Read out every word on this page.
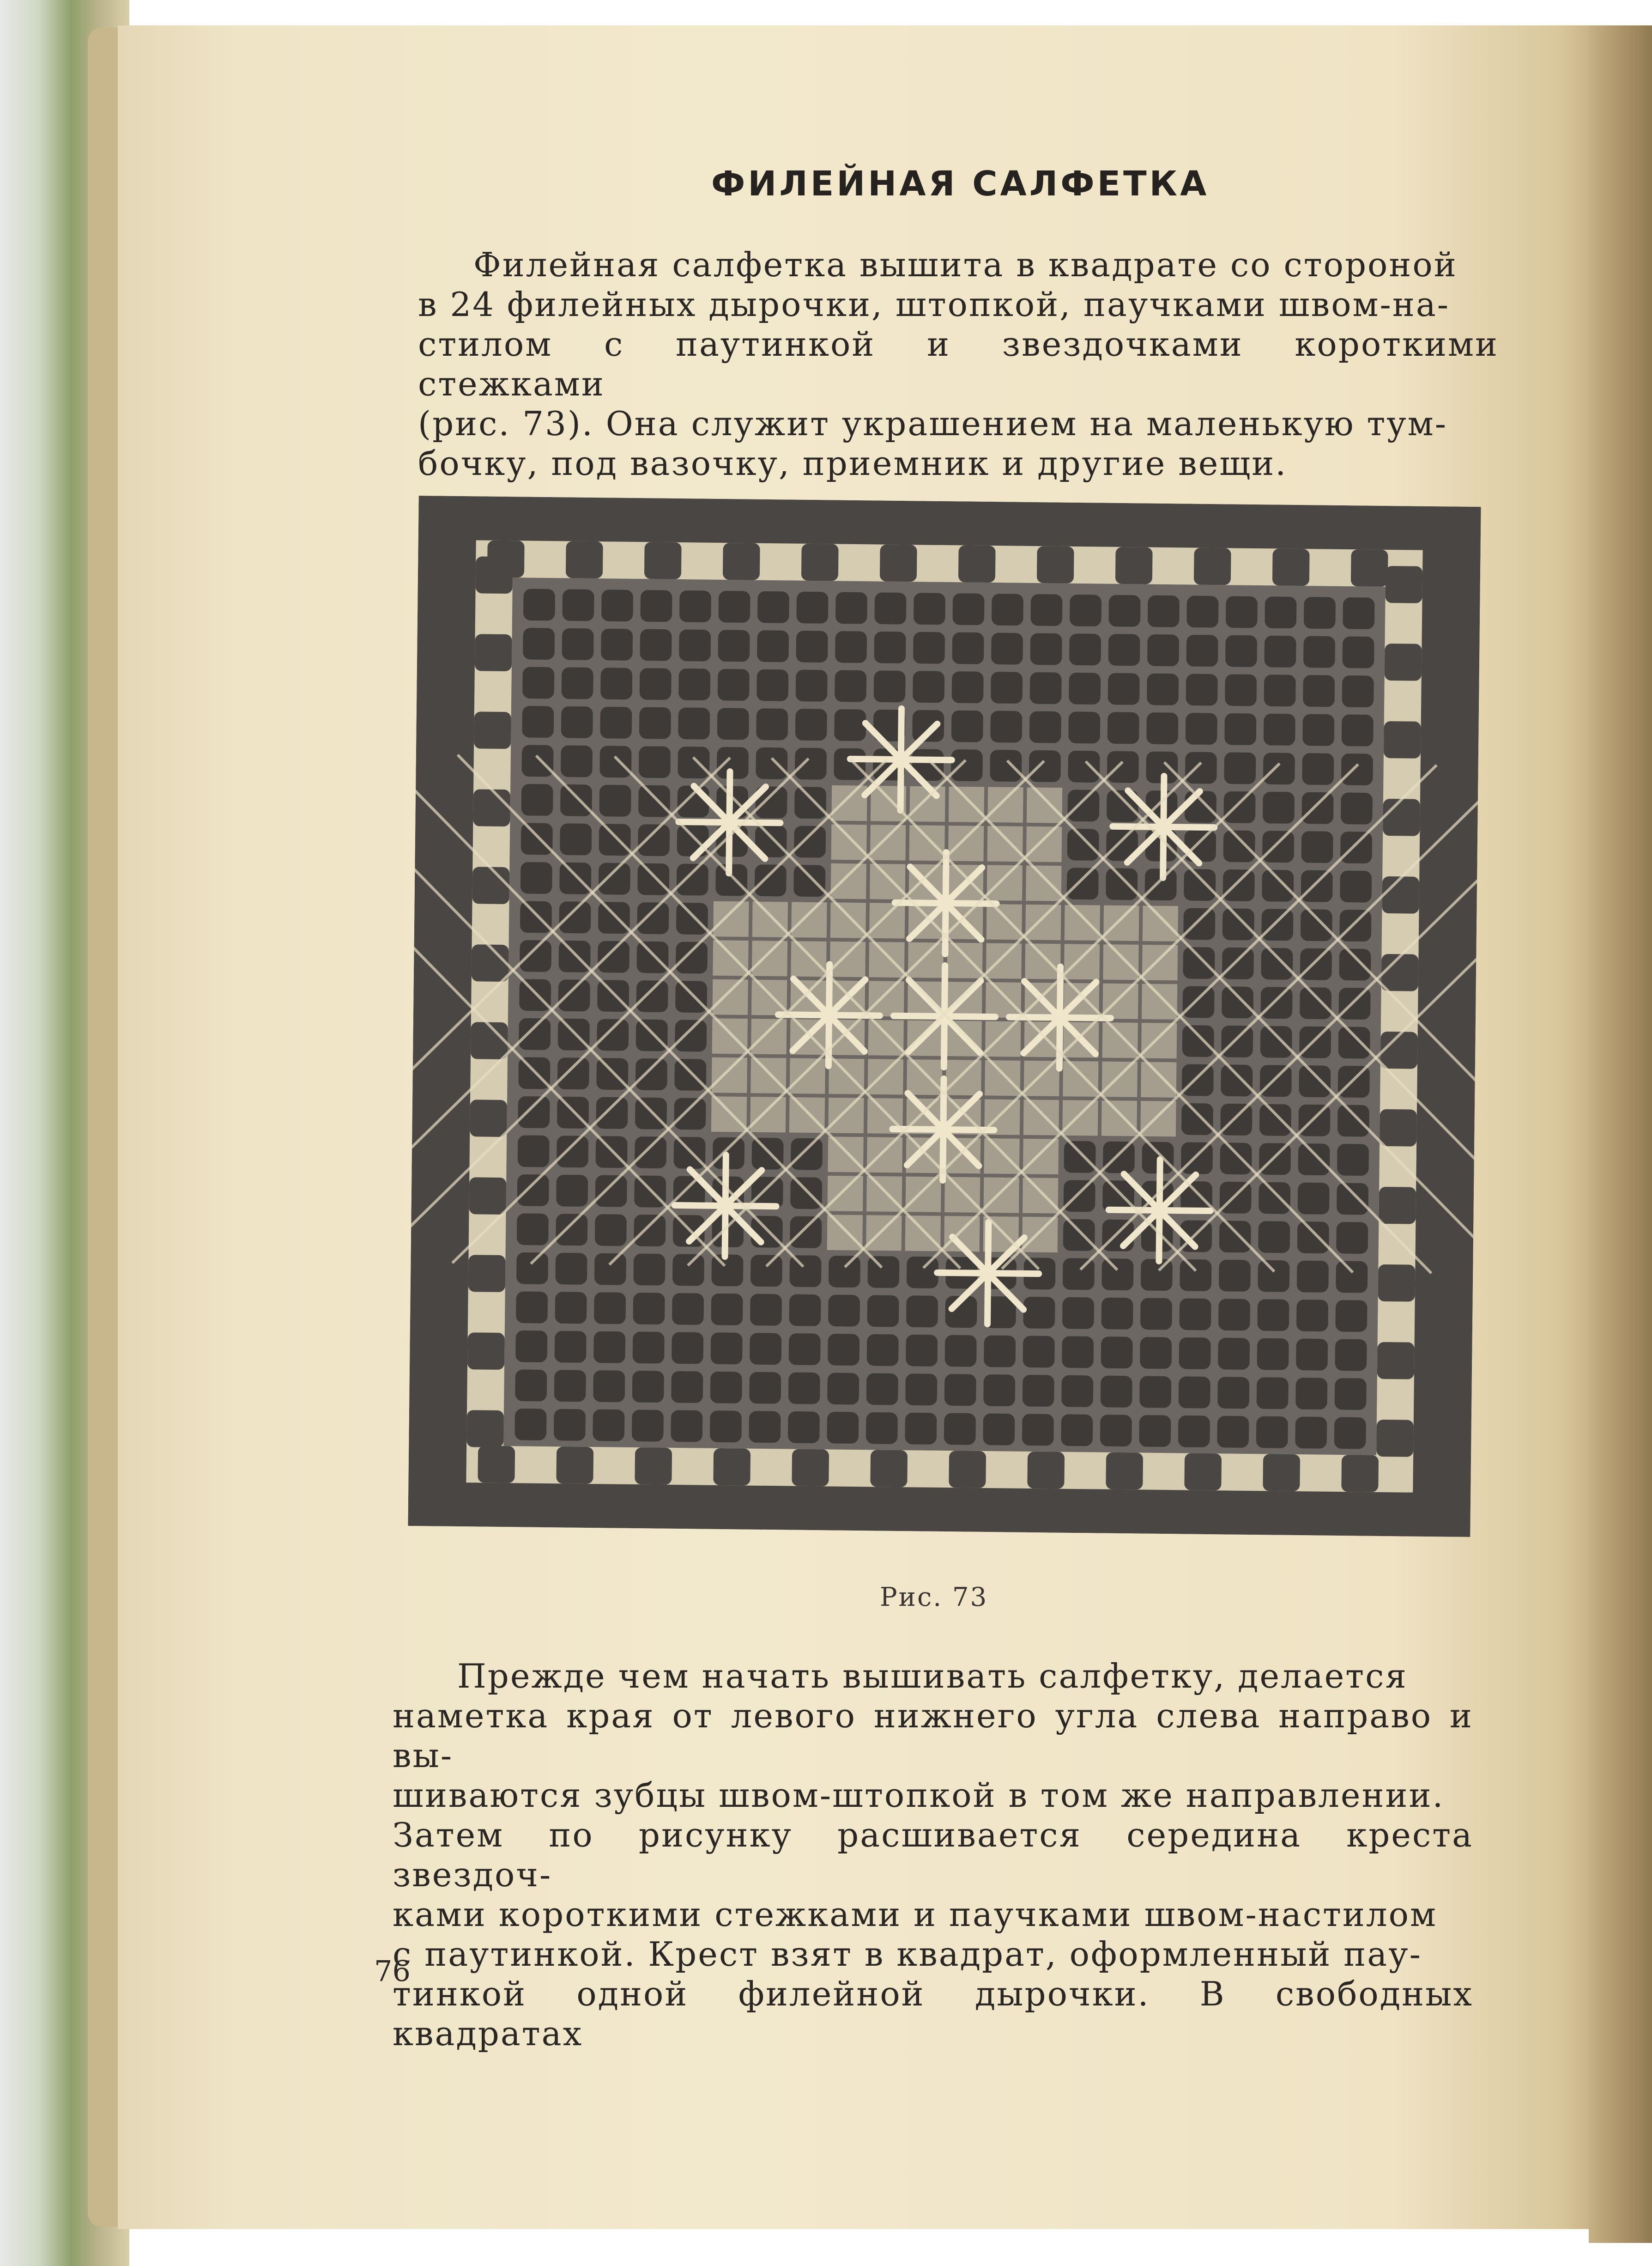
ФИЛЕЙНАЯ САЛФЕТКА
Филейная салфетка вышита в квадрате со стороной
в 24 филейных дырочки, штопкой, паучками швом-на-
стилом с паутинкой и звездочками короткими стежками
(рис. 73). Она служит украшением на маленькую тум-
бочку, под вазочку, приемник и другие вещи.
Рис. 73
Прежде чем начать вышивать салфетку, делается
наметка края от левого нижнего угла слева направо и вы-
шиваются зубцы швом-штопкой в том же направлении.
Затем по рисунку расшивается середина креста звездоч-
ками короткими стежками и паучками швом-настилом
с паутинкой. Крест взят в квадрат, оформленный пау-
тинкой одной филейной дырочки. В свободных квадратах
76
